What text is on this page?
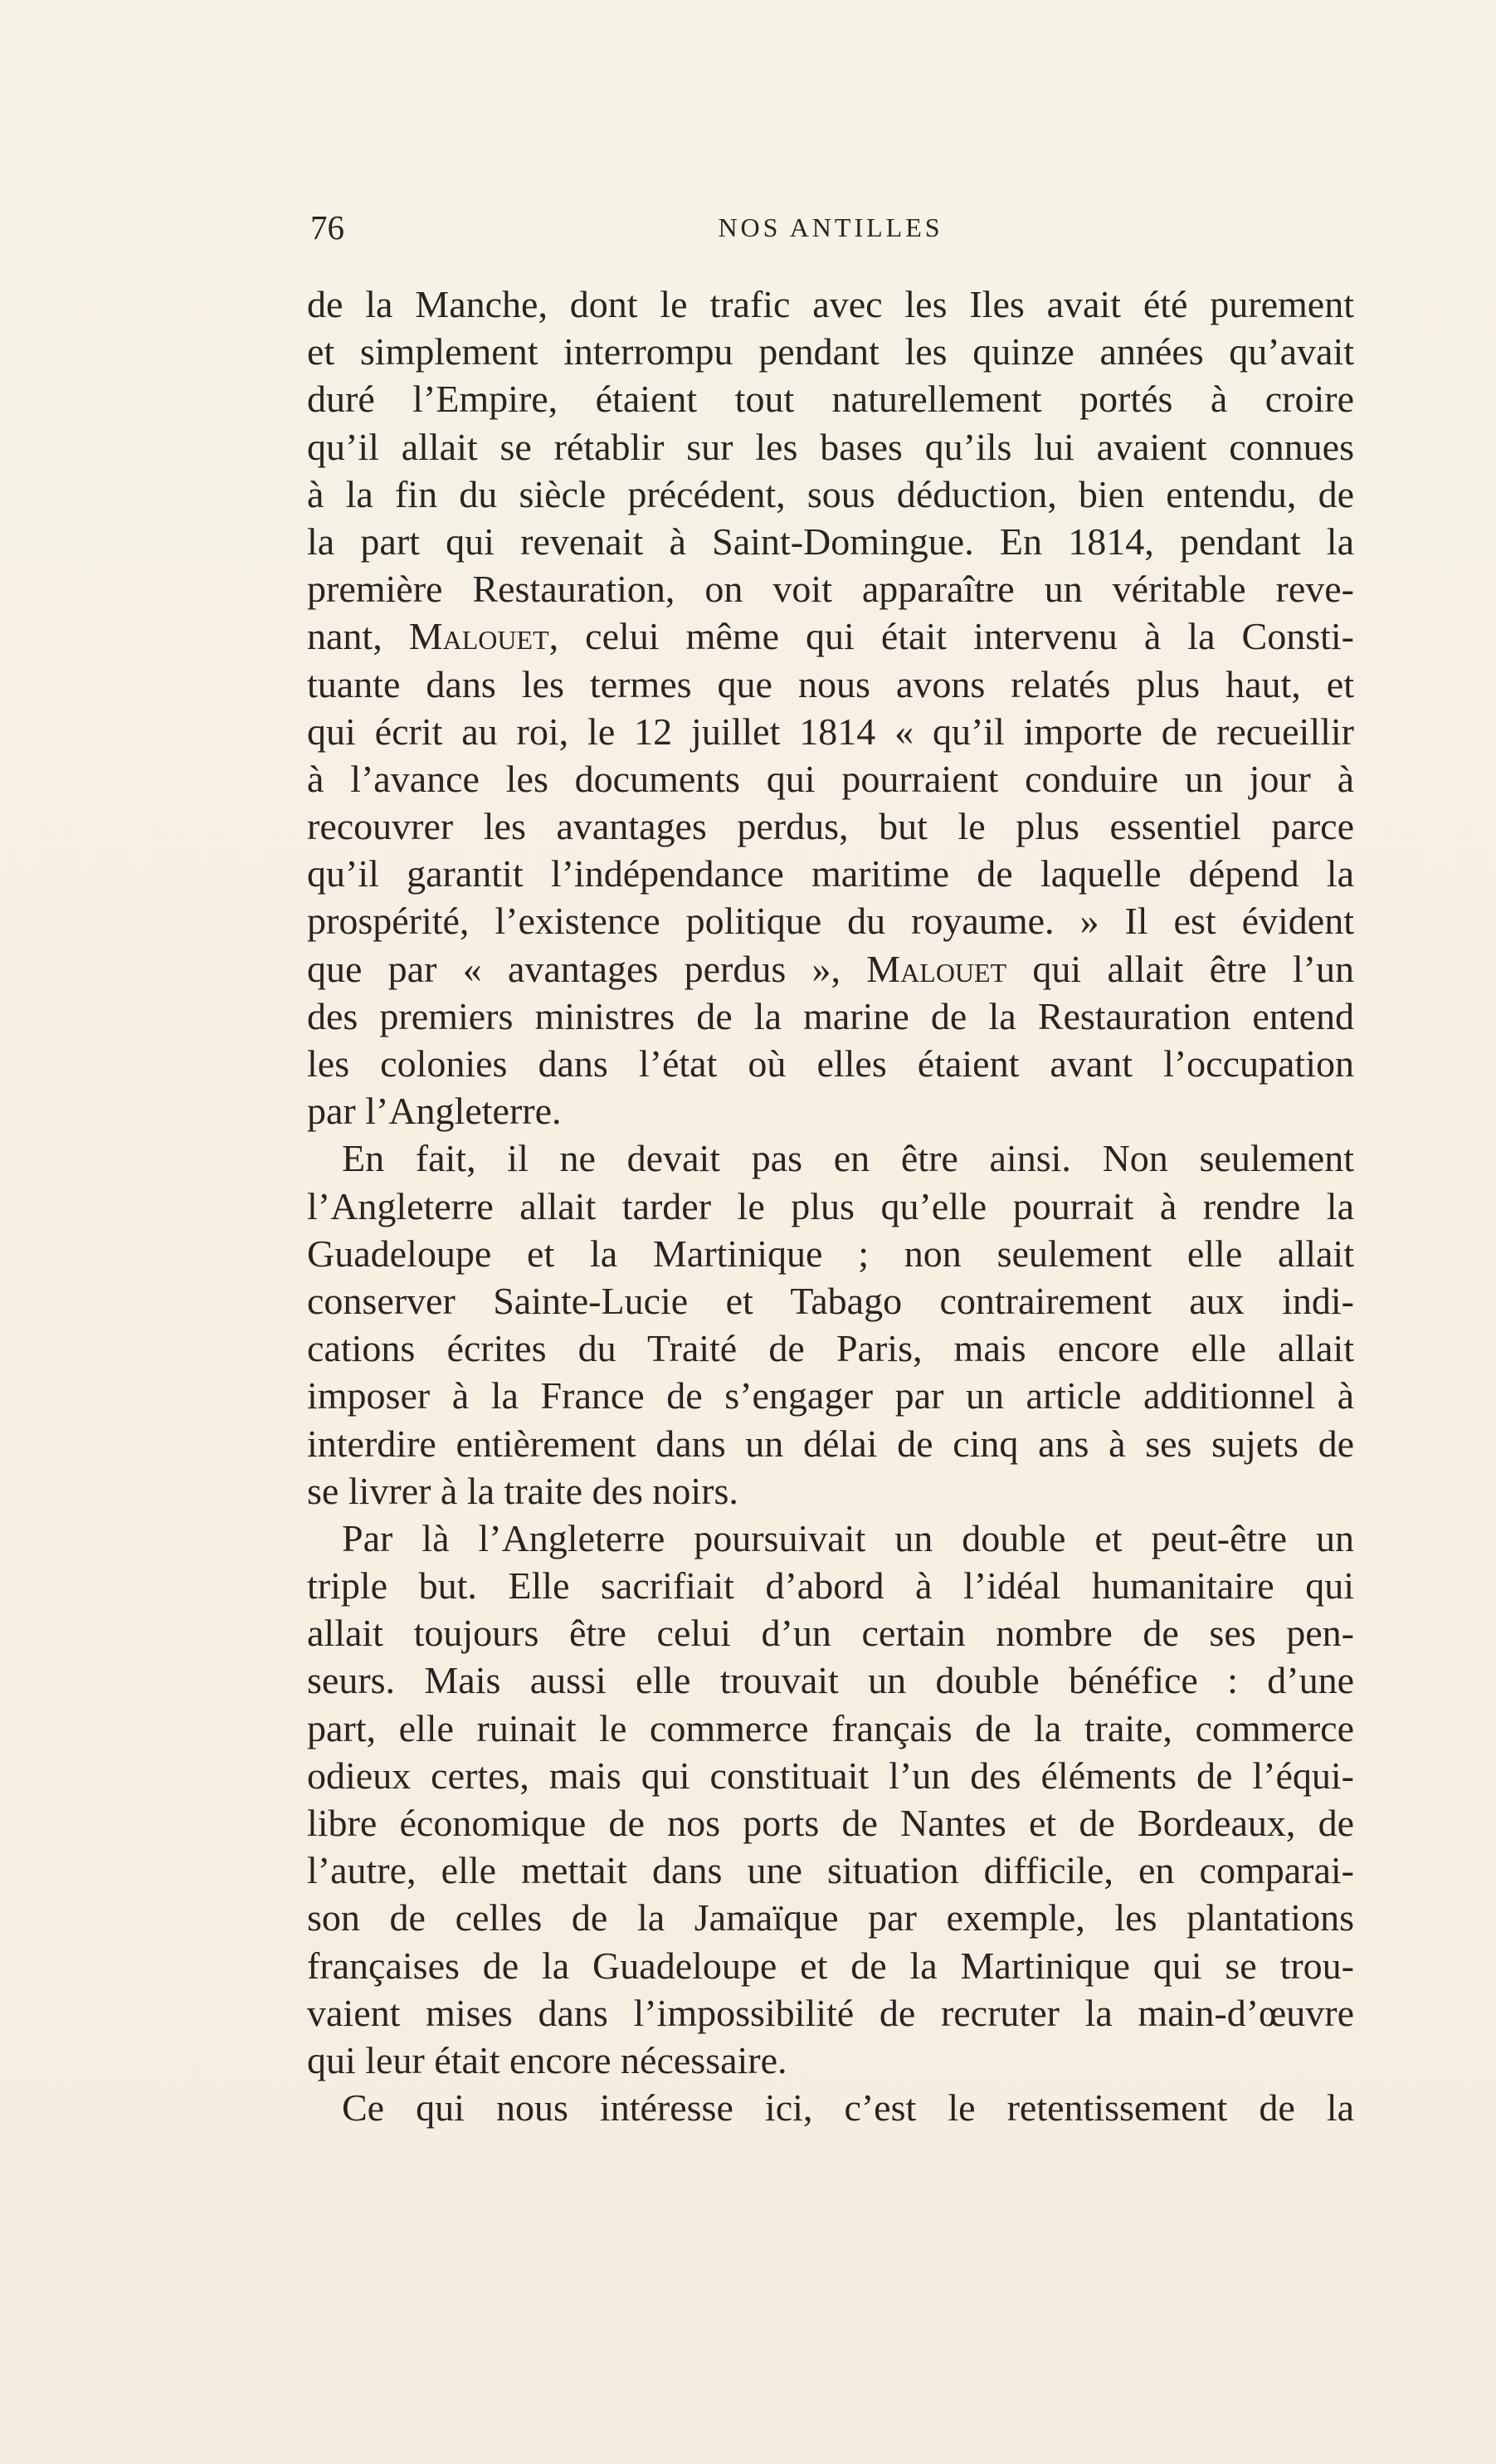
76	NOS ANTILLES
de la Manche, dont le trafic avec les Iles avait été purement
et simplement interrompu pendant les quinze années qu’avait
duré l’Empire, étaient tout naturellement portés à croire
qu’il allait se rétablir sur les bases qu’ils lui avaient connues
à la fin du siècle précédent, sous déduction, bien entendu, de
la part qui revenait à Saint-Domingue. En 1814, pendant la
première Restauration, on voit apparaître un véritable reve-
nant, Malouet, celui même qui était intervenu à la Consti-
tuante dans les termes que nous avons relatés plus haut, et
qui écrit au roi, le 12 juillet 1814 « qu’il importe de recueillir
à l’avance les documents qui pourraient conduire un jour à
recouvrer les avantages perdus, but le plus essentiel parce
qu’il garantit l’indépendance maritime de laquelle dépend la
prospérité, l’existence politique du royaume. » Il est évident
que par « avantages perdus », Malouet qui allait être l’un
des premiers ministres de la marine de la Restauration entend
les colonies dans l’état où elles étaient avant l’occupation
par l’Angleterre.
En fait, il ne devait pas en être ainsi. Non seulement
l’Angleterre allait tarder le plus qu’elle pourrait à rendre la
Guadeloupe et la Martinique ; non seulement elle allait
conserver Sainte-Lucie et Tabago contrairement aux indi-
cations écrites du Traité de Paris, mais encore elle allait
imposer à la France de s’engager par un article additionnel à
interdire entièrement dans un délai de cinq ans à ses sujets de
se livrer à la traite des noirs.
Par là l’Angleterre poursuivait un double et peut-être un
triple but. Elle sacrifiait d’abord à l’idéal humanitaire qui
allait toujours être celui d’un certain nombre de ses pen-
seurs. Mais aussi elle trouvait un double bénéfice : d’une
part, elle ruinait le commerce français de la traite, commerce
odieux certes, mais qui constituait l’un des éléments de l’équi-
libre économique de nos ports de Nantes et de Bordeaux, de
l’autre, elle mettait dans une situation difficile, en comparai-
son de celles de la Jamaïque par exemple, les plantations
françaises de la Guadeloupe et de la Martinique qui se trou-
vaient mises dans l’impossibilité de recruter la main-d’œuvre
qui leur était encore nécessaire.
Ce qui nous intéresse ici, c’est le retentissement de la
